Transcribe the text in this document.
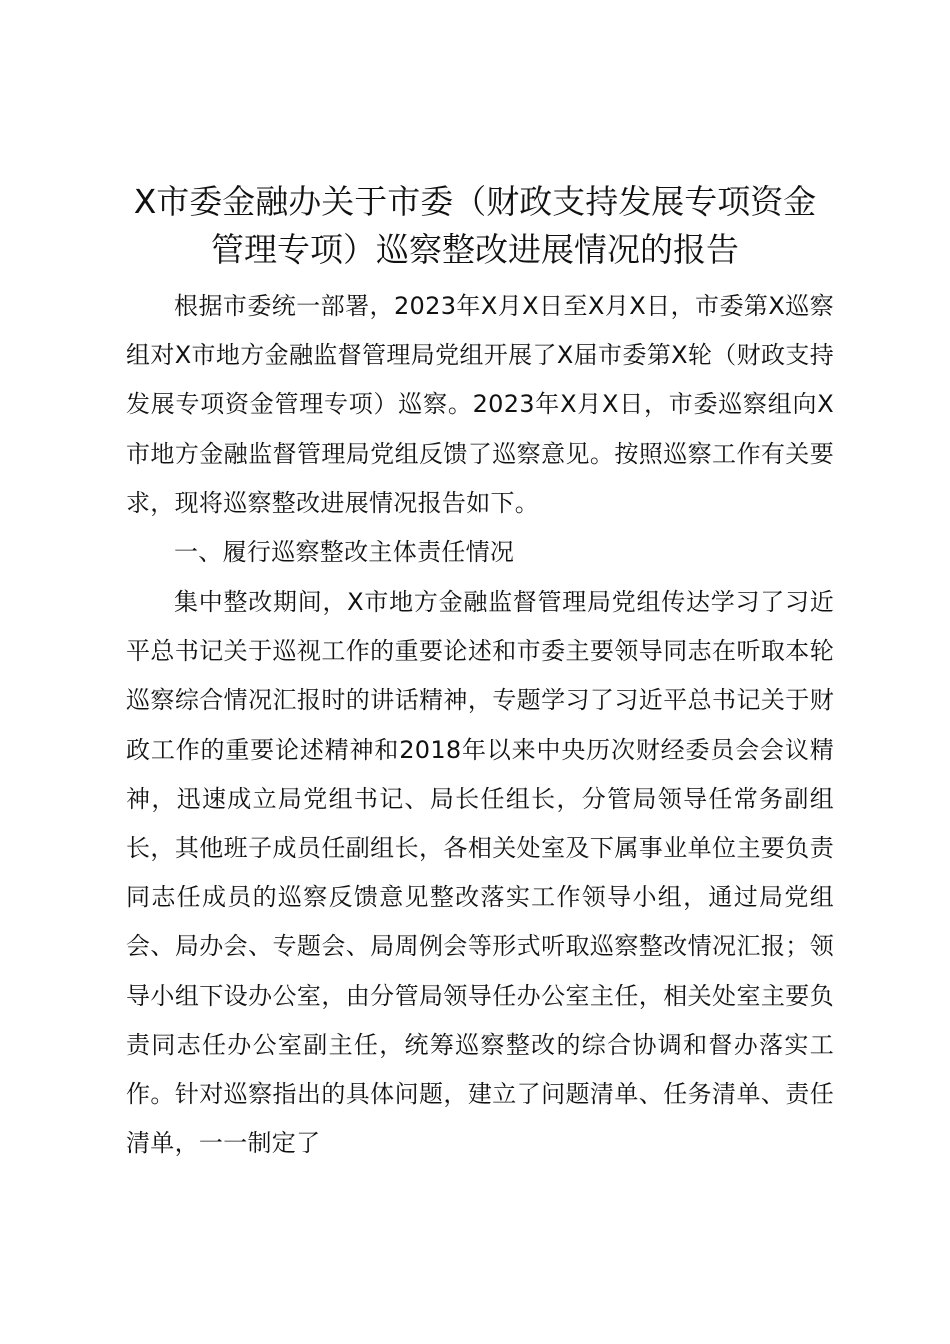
X市委金融办关于市委（财政支持发展专项资金管理专项）巡察整改进展情况的报告

根据市委统一部署，2023年X月X日至X月X日，市委第X巡察组对X市地方金融监督管理局党组开展了X届市委第X轮（财政支持发展专项资金管理专项）巡察。2023年X月X日，市委巡察组向X市地方金融监督管理局党组反馈了巡察意见。按照巡察工作有关要求，现将巡察整改进展情况报告如下。

一、履行巡察整改主体责任情况

集中整改期间，X市地方金融监督管理局党组传达学习了习近平总书记关于巡视工作的重要论述和市委主要领导同志在听取本轮巡察综合情况汇报时的讲话精神，专题学习了习近平总书记关于财政工作的重要论述精神和2018年以来中央历次财经委员会会议精神，迅速成立局党组书记、局长任组长，分管局领导任常务副组长，其他班子成员任副组长，各相关处室及下属事业单位主要负责同志任成员的巡察反馈意见整改落实工作领导小组，通过局党组会、局办会、专题会、局周例会等形式听取巡察整改情况汇报；领导小组下设办公室，由分管局领导任办公室主任，相关处室主要负责同志任办公室副主任，统筹巡察整改的综合协调和督办落实工作。针对巡察指出的具体问题，建立了问题清单、任务清单、责任清单，一一制定了
